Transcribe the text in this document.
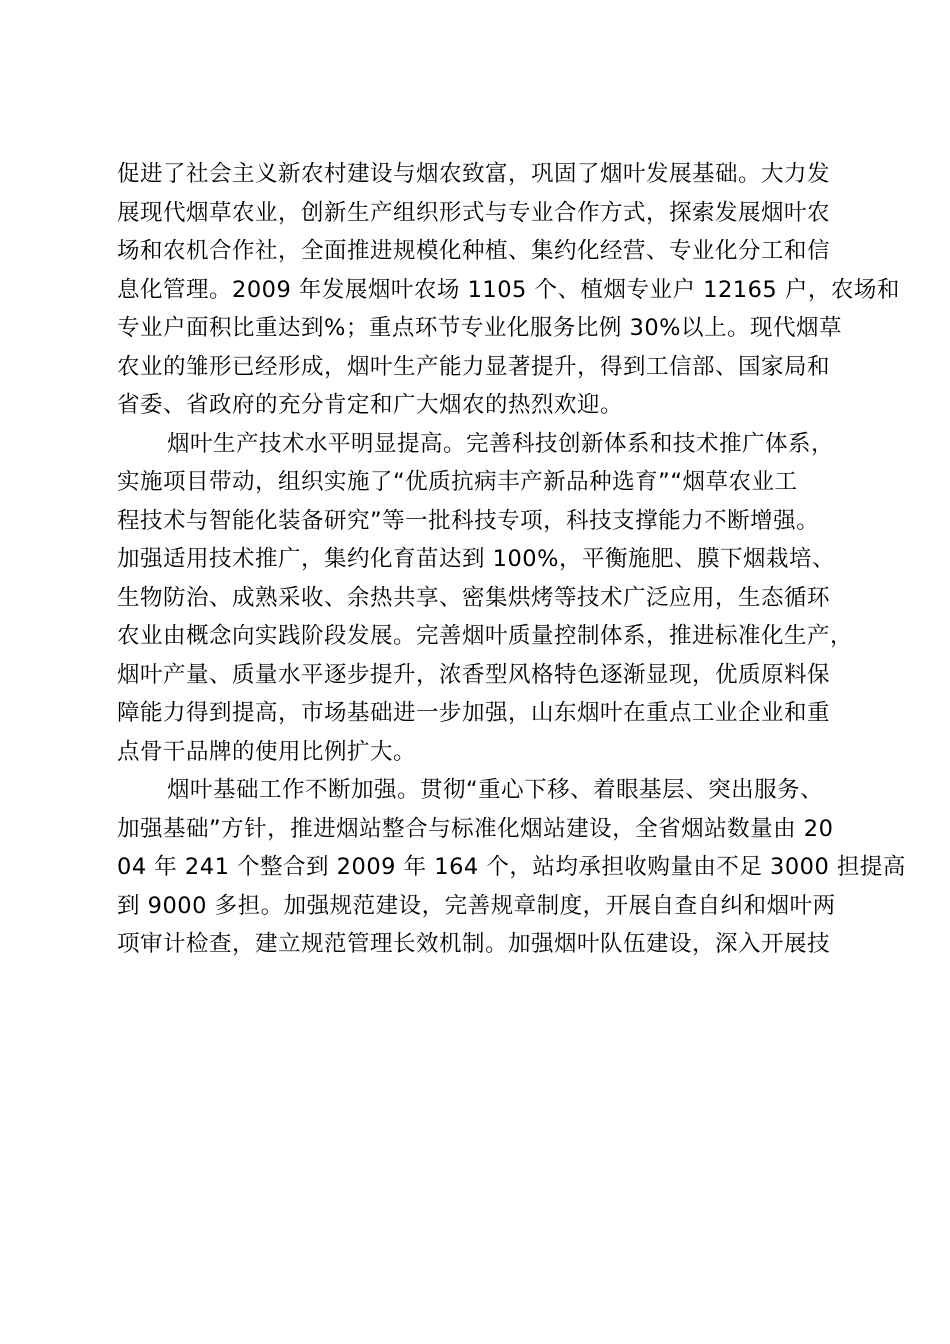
促进了社会主义新农村建设与烟农致富，巩固了烟叶发展基础。大力发
展现代烟草农业，创新生产组织形式与专业合作方式，探索发展烟叶农
场和农机合作社，全面推进规模化种植、集约化经营、专业化分工和信
息化管理。2009 年发展烟叶农场 1105 个、植烟专业户 12165 户，农场和
专业户面积比重达到%；重点环节专业化服务比例 30%以上。现代烟草
农业的雏形已经形成，烟叶生产能力显著提升，得到工信部、国家局和
省委、省政府的充分肯定和广大烟农的热烈欢迎。
烟叶生产技术水平明显提高。完善科技创新体系和技术推广体系，
实施项目带动，组织实施了“优质抗病丰产新品种选育”“烟草农业工
程技术与智能化装备研究”等一批科技专项，科技支撑能力不断增强。
加强适用技术推广，集约化育苗达到 100%，平衡施肥、膜下烟栽培、
生物防治、成熟采收、余热共享、密集烘烤等技术广泛应用，生态循环
农业由概念向实践阶段发展。完善烟叶质量控制体系，推进标准化生产，
烟叶产量、质量水平逐步提升，浓香型风格特色逐渐显现，优质原料保
障能力得到提高，市场基础进一步加强，山东烟叶在重点工业企业和重
点骨干品牌的使用比例扩大。
烟叶基础工作不断加强。贯彻“重心下移、着眼基层、突出服务、
加强基础”方针，推进烟站整合与标准化烟站建设，全省烟站数量由 20
04 年 241 个整合到 2009 年 164 个，站均承担收购量由不足 3000 担提高
到 9000 多担。加强规范建设，完善规章制度，开展自查自纠和烟叶两
项审计检查，建立规范管理长效机制。加强烟叶队伍建设，深入开展技
